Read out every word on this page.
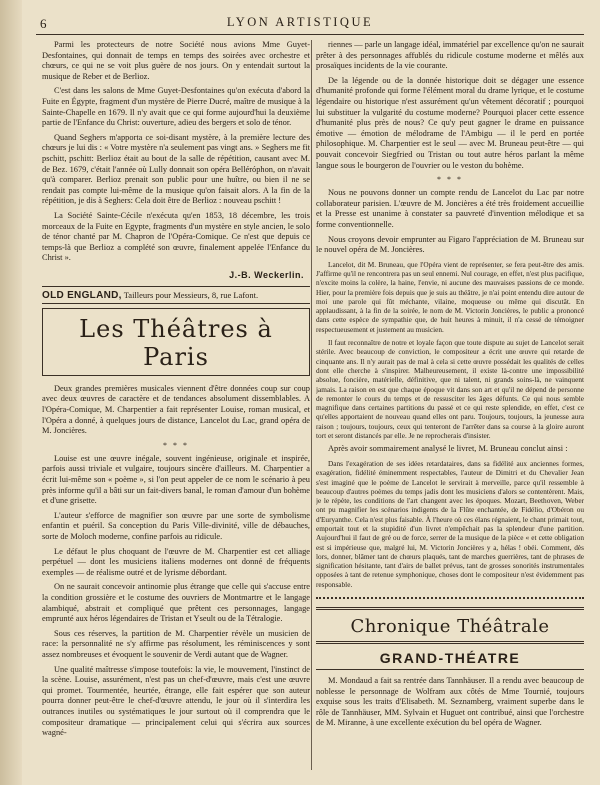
6	LYON ARTISTIQUE

Parmi les protecteurs de notre Société nous avions Mme Guyet-Desfontaines, qui donnait de temps en temps des soirées avec orchestre et chœurs, ce qui ne se voit plus guère de nos jours. On y entendait surtout la musique de Reber et de Berlioz.

C'est dans les salons de Mme Guyet-Desfontaines qu'on exécuta d'abord la Fuite en Égypte, fragment d'un mystère de Pierre Ducré, maître de musique à la Sainte-Chapelle en 1679. Il n'y avait que ce qui forme aujourd'hui la deuxième partie de l'Enfance du Christ: ouverture, adieu des bergers et solo de ténor.

Quand Seghers m'apporta ce soi-disant mystère, à la première lecture des chœurs je lui dis : « Votre mystère n'a seulement pas vingt ans. » Seghers me fit pschitt, pschitt: Berlioz était au bout de la salle de répétition, causant avec M. de Bez. 1679, c'était l'année où Lully donnait son opéra Belléróphon, on n'avait qu'à comparer. Berlioz prenait son public pour une huître, ou bien il ne se rendait pas compte lui-même de la musique qu'on faisait alors. A la fin de la répétition, je dis à Seghers: Cela doit être de Berlioz : nouveau pschitt !

La Société Sainte-Cécile n'exécuta qu'en 1853, 18 décembre, les trois morceaux de la Fuite en Egypte, fragments d'un mystère en style ancien, le solo de ténor chanté par M. Chapron de l'Opéra-Comique. Ce n'est que depuis ce temps-là que Berlioz a complété son œuvre, finalement appelée l'Enfance du Christ ».

J.-B. Weckerlin.
OLD ENGLAND, Tailleurs pour Messieurs, 8, rue Lafont.
Les Théâtres à Paris

Deux grandes premières musicales viennent d'être données coup sur coup avec deux œuvres de caractère et de tendances absolument dissemblables. A l'Opéra-Comique, M. Charpentier a fait représenter Louise, roman musical, et l'Opéra a donné, à quelques jours de distance, Lancelot du Lac, grand opéra de M. Joncières.

* * *

Louise est une œuvre inégale, souvent ingénieuse, originale et inspirée, parfois aussi triviale et vulgaire, toujours sincère d'ailleurs. M. Charpentier a écrit lui-même son « poème », si l'on peut appeler de ce nom le scénario à peu près informe qu'il a bâti sur un fait-divers banal, le roman d'amour d'un bohème et d'une grisette.

L'auteur s'efforce de magnifier son œuvre par une sorte de symbolisme enfantin et puéril. Sa conception du Paris Ville-divinité, ville de débauches, sorte de Moloch moderne, confine parfois au ridicule.

Le défaut le plus choquant de l'œuvre de M. Charpentier est cet alliage perpétuel — dont les musiciens italiens modernes ont donné de fréquents exemples — de réalisme outré et de lyrisme débordant.

On ne saurait concevoir antinomie plus étrange que celle qui s'accuse entre la condition grossière et le costume des ouvriers de Montmartre et le langage alambiqué, abstrait et compliqué que prêtent ces personnages, langage emprunté aux héros légendaires de Tristan et Yseult ou de la Tétralogie.

Sous ces réserves, la partition de M. Charpentier révèle un musicien de race: la personnalité ne s'y affirme pas résolument, les réminiscences y sont assez nombreuses et évoquent le souvenir de Verdi autant que de Wagner.

Une qualité maîtresse s'impose toutefois: la vie, le mouvement, l'instinct de la scène. Louise, assurément, n'est pas un chef-d'œuvre, mais c'est une œuvre qui promet. Tourmentée, heurtée, étrange, elle fait espérer que son auteur pourra donner peut-être le chef-d'œuvre attendu, le jour où il s'interdira les outrances inutiles ou systématiques le jour surtout où il comprendra que le compositeur dramatique — principalement celui qui s'écrira aux sources wagné-

riennes — parle un langage idéal, immatériel par excellence qu'on ne saurait prêter à des personnages affublés du ridicule costume moderne et mêlés aux prosaïques incidents de la vie courante.

De la légende ou de la donnée historique doit se dégager une essence d'humanité profonde qui forme l'élément moral du drame lyrique, et le costume légendaire ou historique n'est assurément qu'un vêtement décoratif ; pourquoi lui substituer la vulgarité du costume moderne? Pourquoi placer cette essence d'humanité plus près de nous? Ce qu'y peut gagner le drame en puissance émotive — émotion de mélodrame de l'Ambigu — il le perd en portée philosophique. M. Charpentier est le seul — avec M. Bruneau peut-être — qui pouvait concevoir Siegfried ou Tristan ou tout autre héros parlant la même langue sous le bourgeron de l'ouvrier ou le veston du bohème.

* * *

Nous ne pouvons donner un compte rendu de Lancelot du Lac par notre collaborateur parisien. L'œuvre de M. Joncières a été très froidement accueillie et la Presse est unanime à constater sa pauvreté d'invention mélodique et sa forme conventionnelle.

Nous croyons devoir emprunter au Figaro l'appréciation de M. Bruneau sur le nouvel opéra de M. Joncières.

Lancelot, dit M. Bruneau, que l'Opéra vient de représenter, se fera peut-être des amis. J'affirme qu'il ne rencontrera pas un seul ennemi. Nul courage, en effet, n'est plus pacifique, n'excite moins la colère, la haine, l'envie, ni aucune des mauvaises passions de ce monde. Hier, pour la première fois depuis que je suis au théâtre, je n'ai point entendu dire autour de moi une parole qui fût méchante, vilaine, moqueuse ou même qui discutât. En applaudissant, à la fin de la soirée, le nom de M. Victorin Joncières, le public a prononcé dans cette espèce de sympathie que, de huit heures à minuit, il n'a cessé de témoigner respectueusement et justement au musicien.

Il faut reconnaître de notre et loyale façon que toute dispute au sujet de Lancelot serait stérile. Avec beaucoup de conviction, le compositeur a écrit une œuvre qui retarde de cinquante ans. Il n'y aurait pas de mal à cela si cette œuvre possédait les qualités de celles dont elle cherche à s'inspirer. Malheureusement, il existe là-contre une impossibilité absolue, foncière, matérielle, définitive, que ni talent, ni grands soins-là, ne vainquent jamais. La raison en est que chaque époque vit dans son art et qu'il ne dépend de personne de remonter le cours du temps et de ressusciter les âges défunts. Ce qui nous semble magnifique dans certaines partitions du passé et ce qui reste splendide, en effet, c'est ce qu'elles apportaient de nouveau quand elles ont paru. Toujours, toujours, la jeunesse aura raison ; toujours, toujours, ceux qui tenteront de l'arrêter dans sa course à la gloire auront tort et seront distancés par elle. Je ne reprocherais d'insister.

Après avoir sommairement analysé le livret, M. Bruneau conclut ainsi :

Dans l'exagération de ses idées retardataires, dans sa fidélité aux anciennes formes, exagération, fidélité éminemment respectables, l'auteur de Dimitri et du Chevalier Jean s'est imaginé que le poème de Lancelot le servirait à merveille, parce qu'il ressemble à beaucoup d'autres poèmes du temps jadis dont les musiciens d'alors se contentèrent. Mais, je le répète, les conditions de l'art changent avec les époques. Mozart, Beethoven, Weber ont pu magnifier les scénarios indigents de la Flûte enchantée, de Fidélio, d'Obéron ou d'Euryanthe. Cela n'est plus faisable. À l'heure où ces élans régnaient, le chant primait tout, emportait tout et la stupidité d'un livret n'empêchait pas la splendeur d'une partition. Aujourd'hui il faut de gré ou de force, serrer de la musique de la pièce « et cette obligation est si impérieuse que, malgré lui, M. Victorin Joncières y a, hélas ! obéi. Comment, dès lors, donner, blâmer tant de chœurs plaqués, tant de marches guerrières, tant de phrases de signification hésitante, tant d'airs de ballet prévus, tant de grosses sonorités instrumentales opposées à tant de retenue symphonique, choses dont le compositeur n'est évidemment pas responsable.

Chronique Théâtrale
GRAND-THÉATRE

M. Mondaud a fait sa rentrée dans Tannhäuser. Il a rendu avec beaucoup de noblesse le personnage de Wolfram aux côtés de Mme Tournié, toujours exquise sous les traits d'Elisabeth. M. Seznamberg, vraiment superbe dans le rôle de Tannhäuser, MM. Sylvain et Huguet ont contribué, ainsi que l'orchestre de M. Miranne, à une excellente exécution du bel opéra de Wagner.
